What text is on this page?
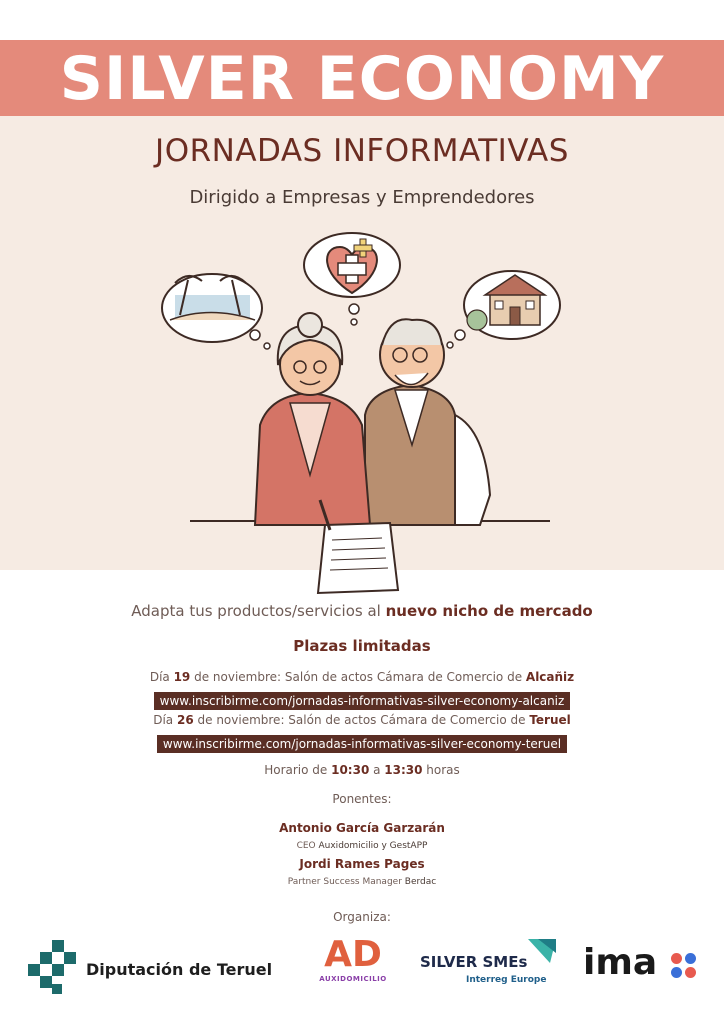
SILVER ECONOMY
JORNADAS INFORMATIVAS
Dirigido a Empresas y Emprendedores
Adapta tus productos/servicios al nuevo nicho de mercado
Plazas limitadas
Día 19 de noviembre: Salón de actos Cámara de Comercio de Alcañiz
www.inscribirme.com/jornadas-informativas-silver-economy-alcaniz
Día 26 de noviembre: Salón de actos Cámara de Comercio de Teruel
www.inscribirme.com/jornadas-informativas-silver-economy-teruel
Horario de 10:30 a 13:30 horas
Ponentes:
Antonio García Garzarán
CEO Auxidomicilio y GestAPP
Jordi Rames Pages
Partner Success Manager Berdac
Organiza:
Diputación de Teruel AD
AUXIDOMICILIO
SILVER SMEs
Interreg Europe ima
